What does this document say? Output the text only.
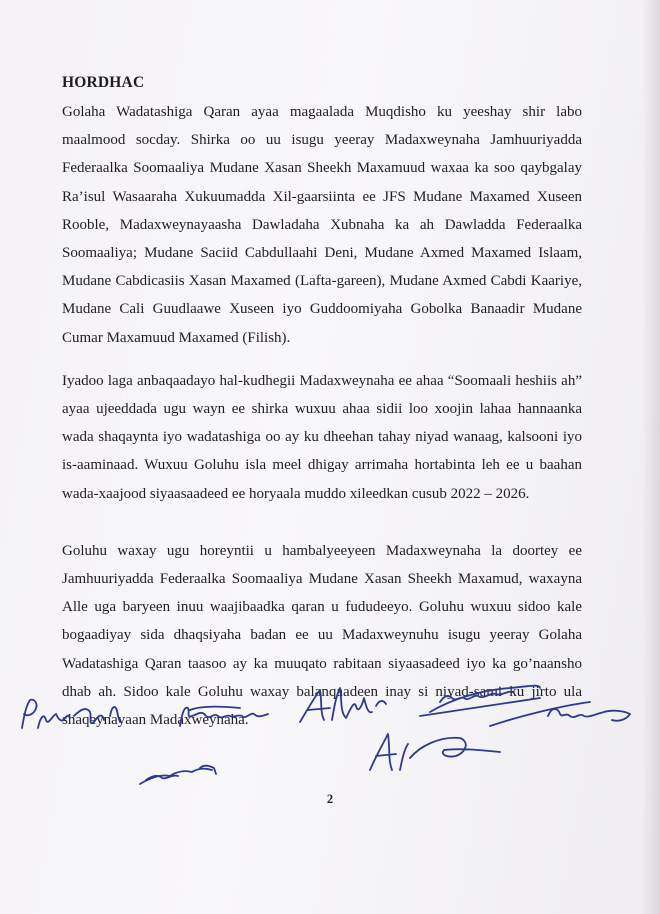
HORDHAC

Golaha Wadatashiga Qaran ayaa magaalada Muqdisho ku yeeshay shir labo maalmood socday. Shirka oo uu isugu yeeray Madaxweynaha Jamhuuriyadda Federaalka Soomaaliya Mudane Xasan Sheekh Maxamuud waxaa ka soo qaybgalay Ra’isul Wasaaraha Xukuumadda Xil-gaarsiinta ee JFS Mudane Maxamed Xuseen Rooble, Madaxweynayaasha Dawladaha Xubnaha ka ah Dawladda Federaalka Soomaaliya; Mudane Saciid Cabdullaahi Deni, Mudane Axmed Maxamed Islaam, Mudane Cabdicasiis Xasan Maxamed (Lafta-gareen), Mudane Axmed Cabdi Kaariye, Mudane Cali Guudlaawe Xuseen iyo Guddoomiyaha Gobolka Banaadir Mudane Cumar Maxamuud Maxamed (Filish).

Iyadoo laga anbaqaadayo hal-kudhegii Madaxweynaha ee ahaa “Soomaali heshiis ah” ayaa ujeeddada ugu wayn ee shirka wuxuu ahaa sidii loo xoojin lahaa hannaanka wada shaqaynta iyo wadatashiga oo ay ku dheehan tahay niyad wanaag, kalsooni iyo is-aaminaad. Wuxuu Goluhu isla meel dhigay arrimaha hortabinta leh ee u baahan wada-xaajood siyaasaadeed ee horyaala muddo xileedkan cusub 2022 – 2026.

Goluhu waxay ugu horeyntii u hambalyeeyeen Madaxweynaha la doortey ee Jamhuuriyadda Federaalka Soomaaliya Mudane Xasan Sheekh Maxamud, waxayna Alle uga baryeen inuu waajibaadka qaran u fududeeyo. Goluhu wuxuu sidoo kale bogaadiyay sida dhaqsiyaha badan ee uu Madaxweynuhu isugu yeeray Golaha Wadatashiga Qaran taasoo ay ka muuqato rabitaan siyaasadeed iyo ka go’naansho dhab ah. Sidoo kale Goluhu waxay balanqaadeen inay si niyad-sami ku jirto ula shaqeynayaan Madaxweynaha.

2
